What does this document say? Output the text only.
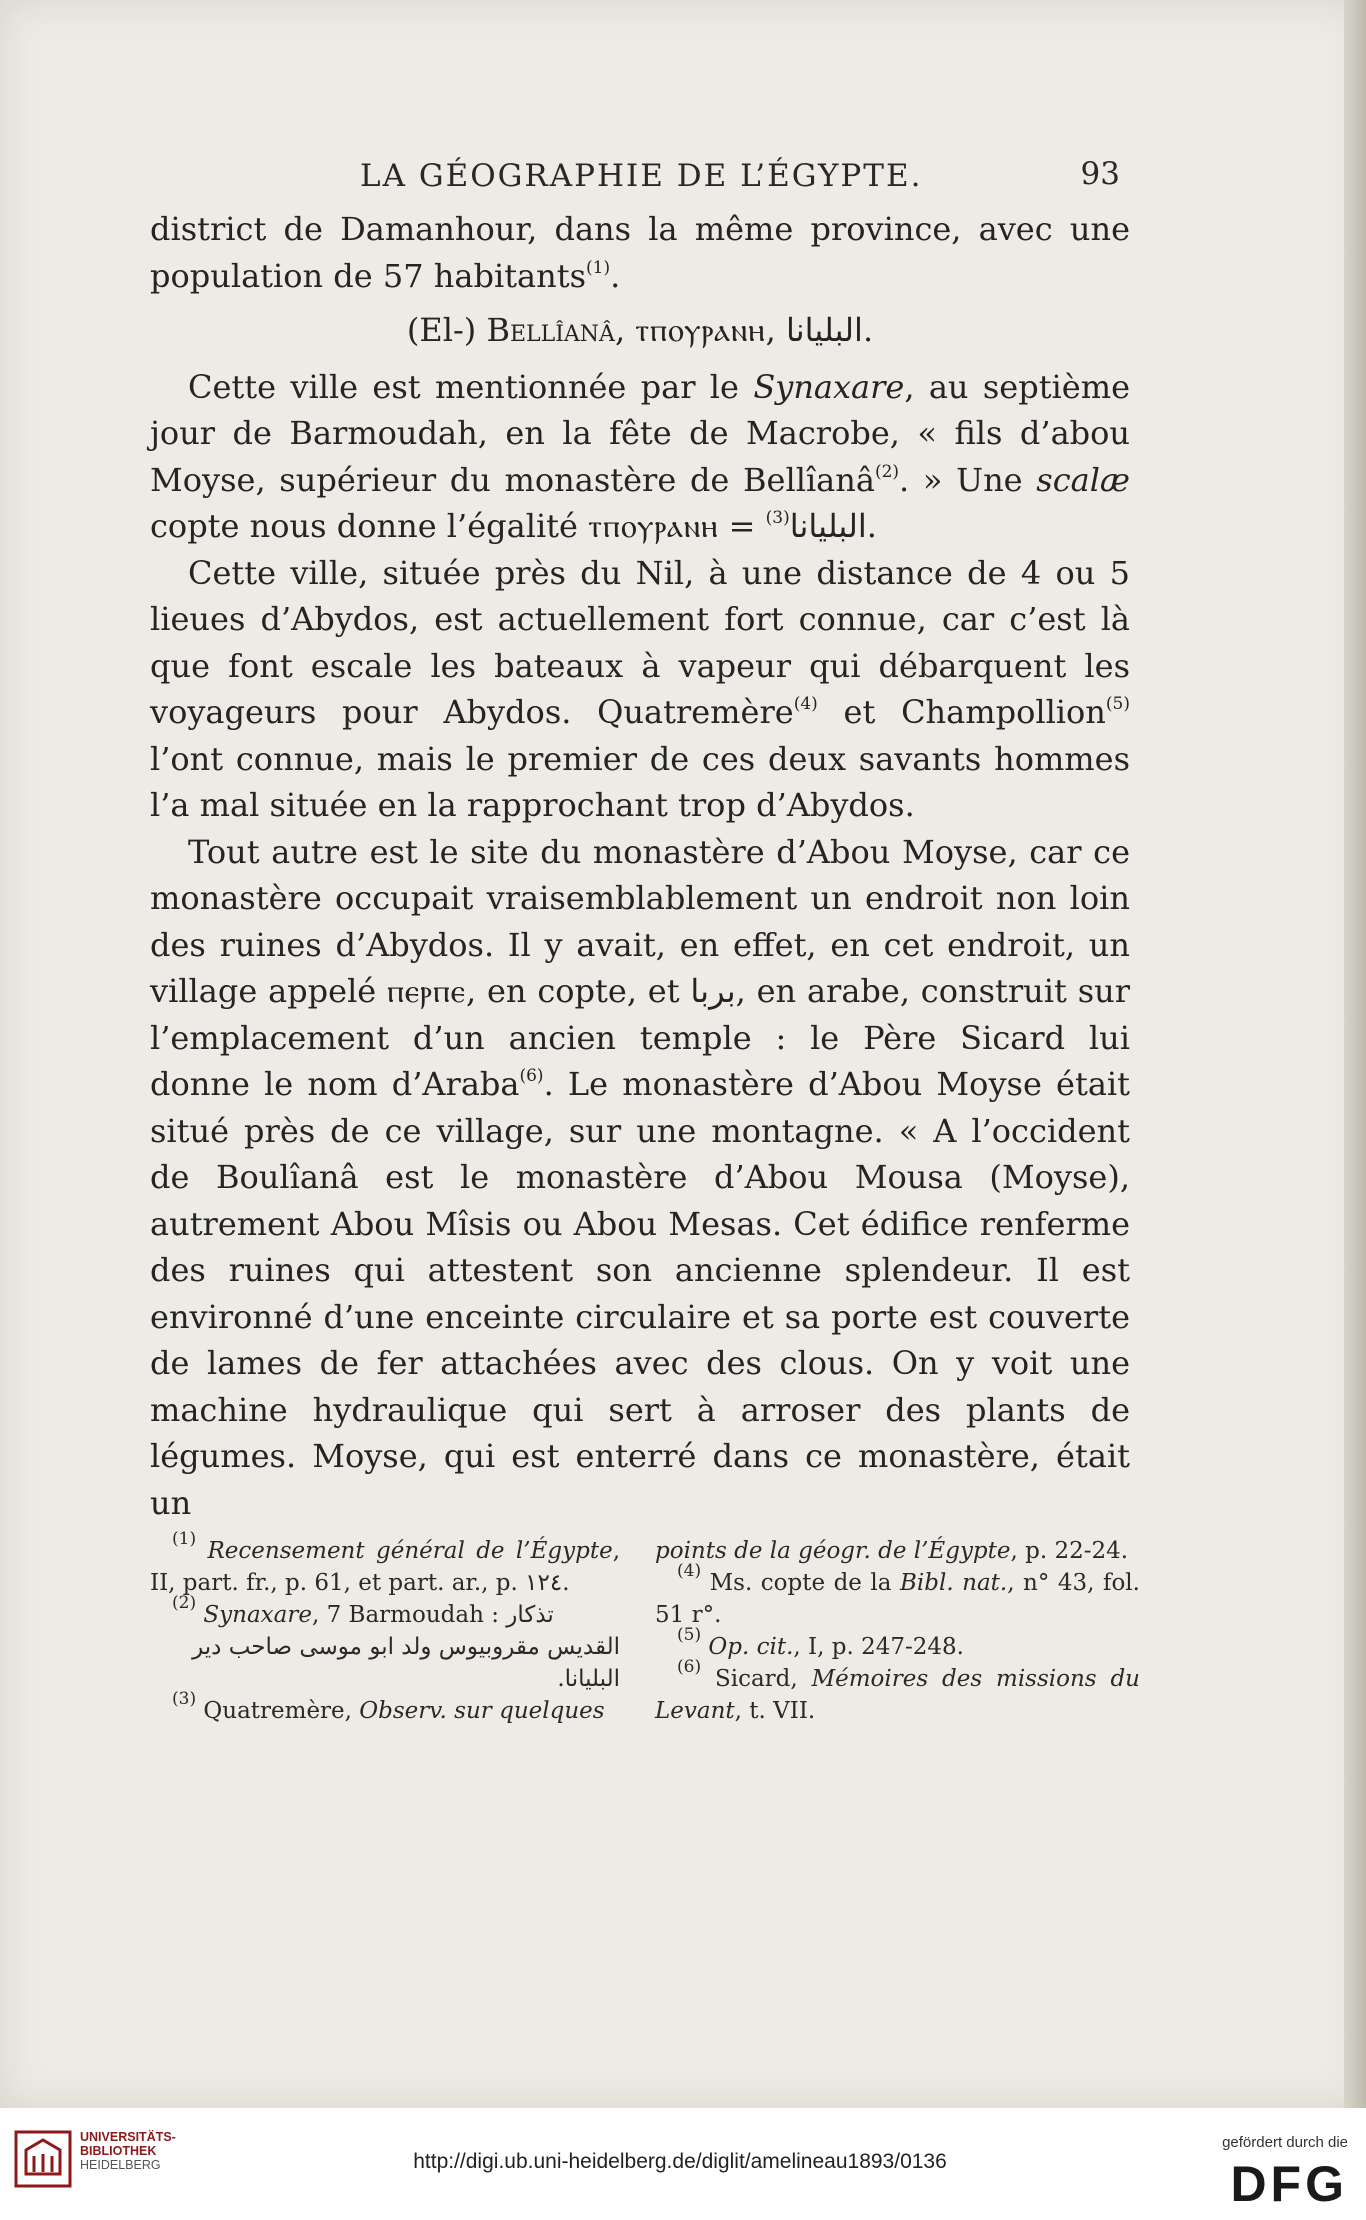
LA GÉOGRAPHIE DE L’ÉGYPTE.	93

district de Damanhour, dans la même province, avec une population de 57 habitants$^{(1)}$.

(El-) Bellîanâ, ⲧⲡⲟⲩⲣⲁⲛⲏ, البليانا.

Cette ville est mentionnée par le Synaxare, au septième jour de Barmoudah, en la fête de Macrobe, « fils d’abou Moyse, supérieur du monastère de Bellîanâ$^{(2)}$. » Une scalæ copte nous donne l’égalité ⲧⲡⲟⲩⲣⲁⲛⲏ = البليانا$^{(3)}$ .

Cette ville, située près du Nil, à une distance de 4 ou 5 lieues d’Abydos, est actuellement fort connue, car c’est là que font escale les bateaux à vapeur qui débarquent les voyageurs pour Abydos. Quatremère$^{(4)}$ et Champollion$^{(5)}$ l’ont connue, mais le premier de ces deux savants hommes l’a mal située en la rapprochant trop d’Abydos.

Tout autre est le site du monastère d’Abou Moyse, car ce monastère occupait vraisemblablement un endroit non loin des ruines d’Abydos. Il y avait, en effet, en cet endroit, un village appelé ⲡⲉⲣⲡⲉ, en copte, et بربا, en arabe, construit sur l’emplacement d’un ancien temple : le Père Sicard lui donne le nom d’Araba$^{(6)}$. Le monastère d’Abou Moyse était situé près de ce village, sur une montagne. « A l’occident de Boulîanâ est le monastère d’Abou Mousa (Moyse), autrement Abou Mîsis ou Abou Mesas. Cet édifice renferme des ruines qui attestent son ancienne splendeur. Il est environné d’une enceinte circulaire et sa porte est couverte de lames de fer attachées avec des clous. On y voit une machine hydraulique qui sert à arroser des plants de légumes. Moyse, qui est enterré dans ce monastère, était un

$^{(1)}$ Recensement général de l’Égypte, II, part. fr., p. 61, et part. ar., p. ١٢٤.
$^{(2)}$ Synaxare, 7 Barmoudah : تذكار
القديس مقروبيوس ولد ابو موسى صاحب دير البليانا.
$^{(3)}$ Quatremère, Observ. sur quelques
points de la géogr. de l’Égypte, p. 22-24.
$^{(4)}$ Ms. copte de la Bibl. nat., n° 43, fol. 51 r°.
$^{(5)}$ Op. cit., I, p. 247-248.
$^{(6)}$ Sicard, Mémoires des missions du Levant, t. VII.
UNIVERSITÄTS-
BIBLIOTHEK
HEIDELBERG	http://digi.ub.uni-heidelberg.de/diglit/amelineau1893/0136
gefördert durch die
DFG
